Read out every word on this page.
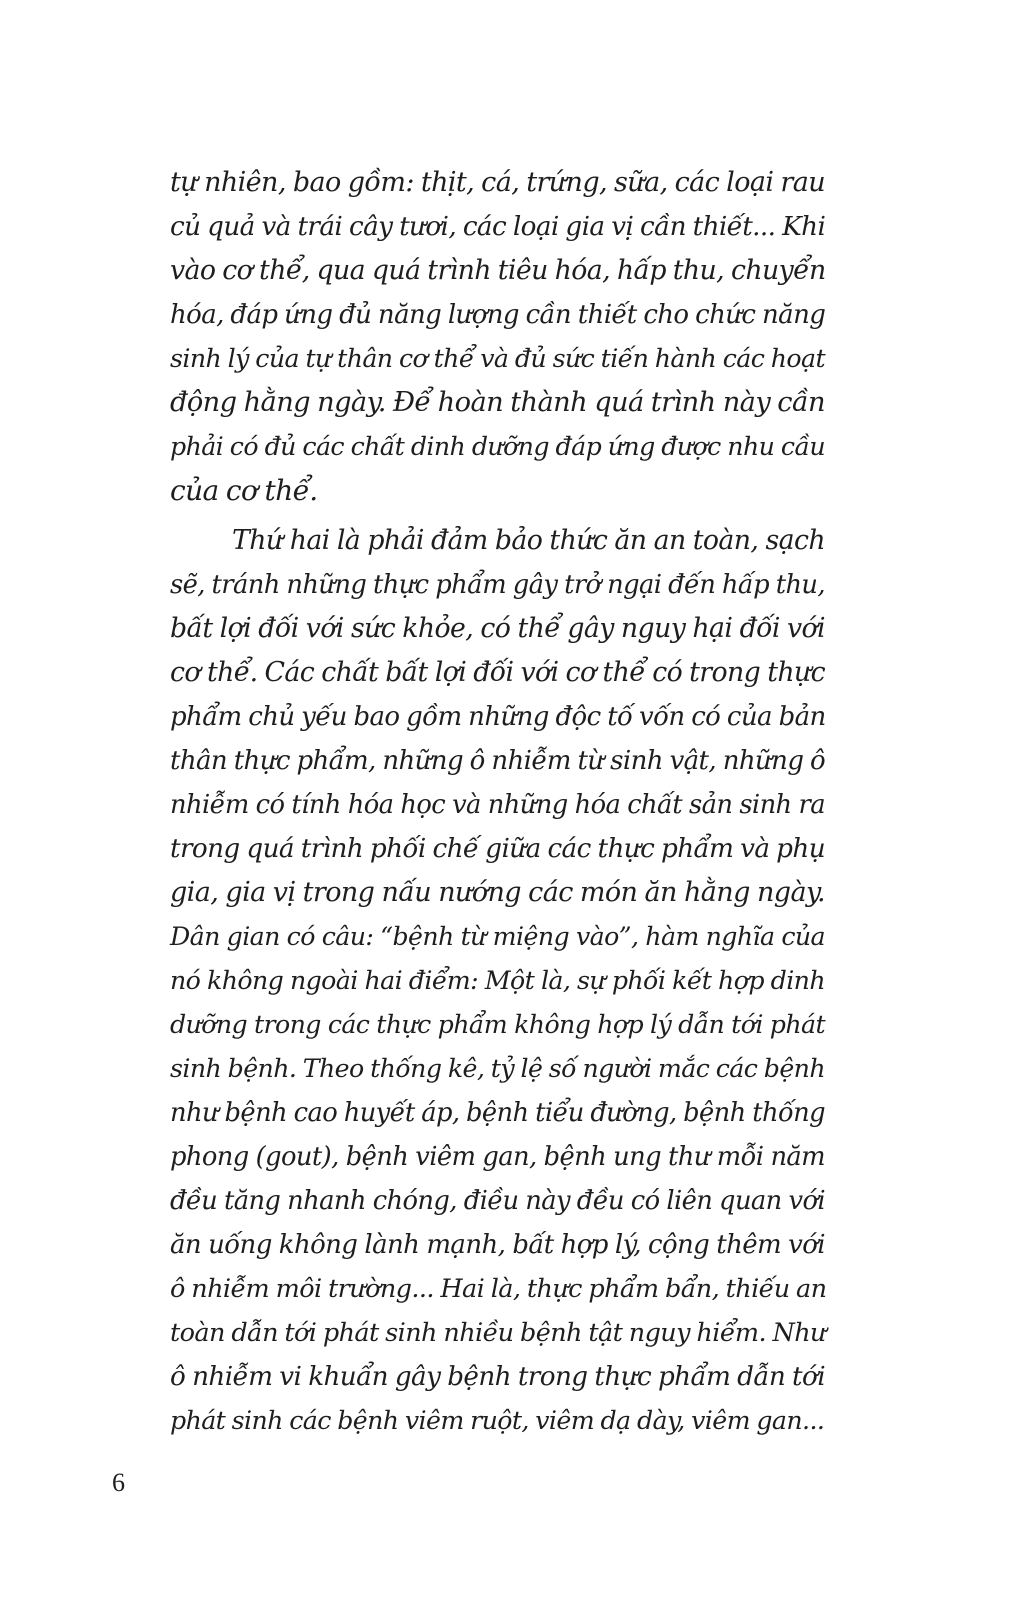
tự nhiên, bao gồm: thịt, cá, trứng, sữa, các loại rau
củ quả và trái cây tươi, các loại gia vị cần thiết... Khi
vào cơ thể, qua quá trình tiêu hóa, hấp thu, chuyển
hóa, đáp ứng đủ năng lượng cần thiết cho chức năng
sinh lý của tự thân cơ thể và đủ sức tiến hành các hoạt
động hằng ngày. Để hoàn thành quá trình này cần
phải có đủ các chất dinh dưỡng đáp ứng được nhu cầu
của cơ thể.
Thứ hai là phải đảm bảo thức ăn an toàn, sạch
sẽ, tránh những thực phẩm gây trở ngại đến hấp thu,
bất lợi đối với sức khỏe, có thể gây nguy hại đối với
cơ thể. Các chất bất lợi đối với cơ thể có trong thực
phẩm chủ yếu bao gồm những độc tố vốn có của bản
thân thực phẩm, những ô nhiễm từ sinh vật, những ô
nhiễm có tính hóa học và những hóa chất sản sinh ra
trong quá trình phối chế giữa các thực phẩm và phụ
gia, gia vị trong nấu nướng các món ăn hằng ngày.
Dân gian có câu: “bệnh từ miệng vào”, hàm nghĩa của
nó không ngoài hai điểm: Một là, sự phối kết hợp dinh
dưỡng trong các thực phẩm không hợp lý dẫn tới phát
sinh bệnh. Theo thống kê, tỷ lệ số người mắc các bệnh
như bệnh cao huyết áp, bệnh tiểu đường, bệnh thống
phong (gout), bệnh viêm gan, bệnh ung thư mỗi năm
đều tăng nhanh chóng, điều này đều có liên quan với
ăn uống không lành mạnh, bất hợp lý, cộng thêm với
ô nhiễm môi trường... Hai là, thực phẩm bẩn, thiếu an
toàn dẫn tới phát sinh nhiều bệnh tật nguy hiểm. Như
ô nhiễm vi khuẩn gây bệnh trong thực phẩm dẫn tới
phát sinh các bệnh viêm ruột, viêm dạ dày, viêm gan...
6
